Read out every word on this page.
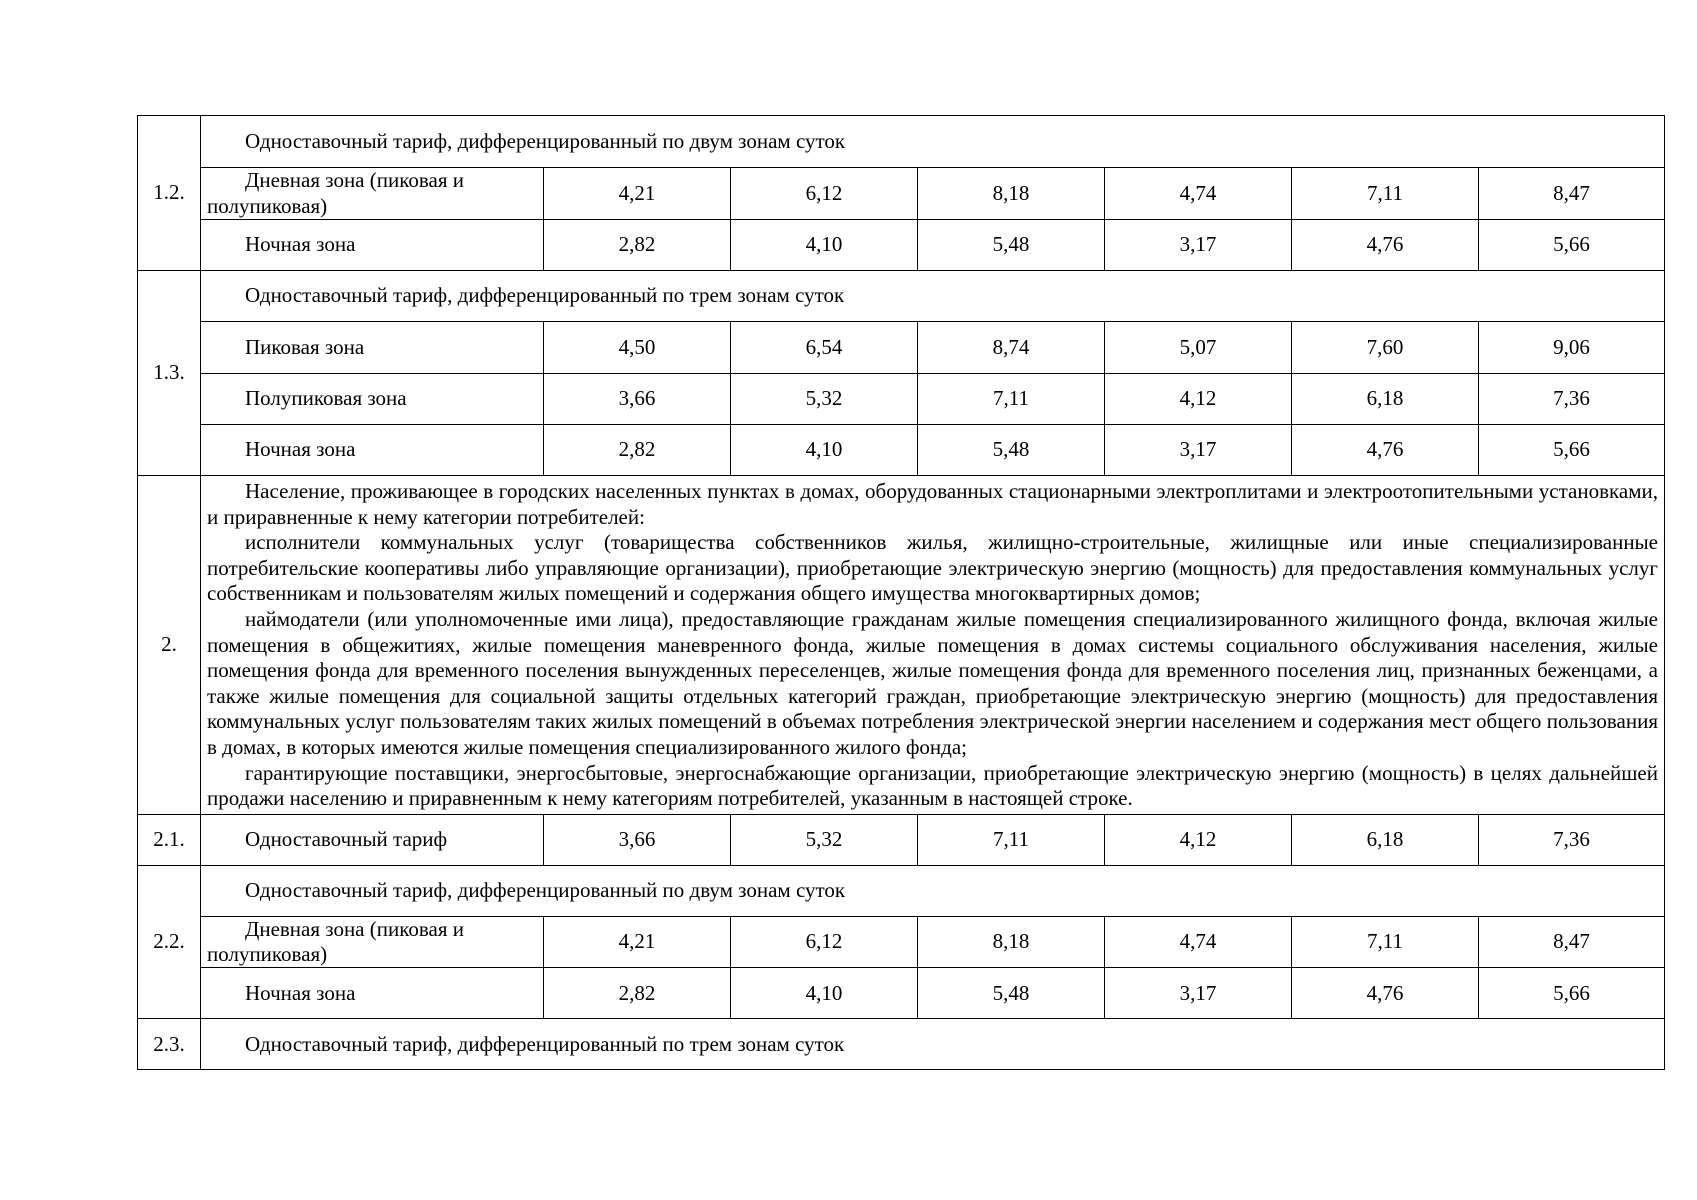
1.2.	Одноставочный тариф, дифференцированный по двум зонам суток						
	Дневная зона (пиковая и полупиковая)	4,21	6,12	8,18	4,74	7,11	8,47
	Ночная зона	2,82	4,10	5,48	3,17	4,76	5,66
1.3.	Одноставочный тариф, дифференцированный по трем зонам суток						
	Пиковая зона	4,50	6,54	8,74	5,07	7,60	9,06
	Полупиковая зона	3,66	5,32	7,11	4,12	6,18	7,36
	Ночная зона	2,82	4,10	5,48	3,17	4,76	5,66
2.	Население, проживающее в городских населенных пунктах в домах, оборудованных стационарными электроплитами и электроотопительными установками, и приравненные к нему категории потребителей:

исполнители коммунальных услуг (товарищества собственников жилья, жилищно-строительные, жилищные или иные специализированные потребительские кооперативы либо управляющие организации), приобретающие электрическую энергию (мощность) для предоставления коммунальных услуг собственникам и пользователям жилых помещений и содержания общего имущества многоквартирных домов;

наймодатели (или уполномоченные ими лица), предоставляющие гражданам жилые помещения специализированного жилищного фонда, включая жилые помещения в общежитиях, жилые помещения маневренного фонда, жилые помещения в домах системы социального обслуживания населения, жилые помещения фонда для временного поселения вынужденных переселенцев, жилые помещения фонда для временного поселения лиц, признанных беженцами, а также жилые помещения для социальной защиты отдельных категорий граждан, приобретающие электрическую энергию (мощность) для предоставления коммунальных услуг пользователям таких жилых помещений в объемах потребления электрической энергии населением и содержания мест общего пользования в домах, в которых имеются жилые помещения специализированного жилого фонда;

гарантирующие поставщики, энергосбытовые, энергоснабжающие организации, приобретающие электрическую энергию (мощность) в целях дальнейшей продажи населению и приравненным к нему категориям потребителей, указанным в настоящей строке.						

2.1.	Одноставочный тариф	3,66	5,32	7,11	4,12	6,18	7,36
2.2.	Одноставочный тариф, дифференцированный по двум зонам суток						
	Дневная зона (пиковая и полупиковая)	4,21	6,12	8,18	4,74	7,11	8,47
	Ночная зона	2,82	4,10	5,48	3,17	4,76	5,66
2.3.	Одноставочный тариф, дифференцированный по трем зонам суток						
